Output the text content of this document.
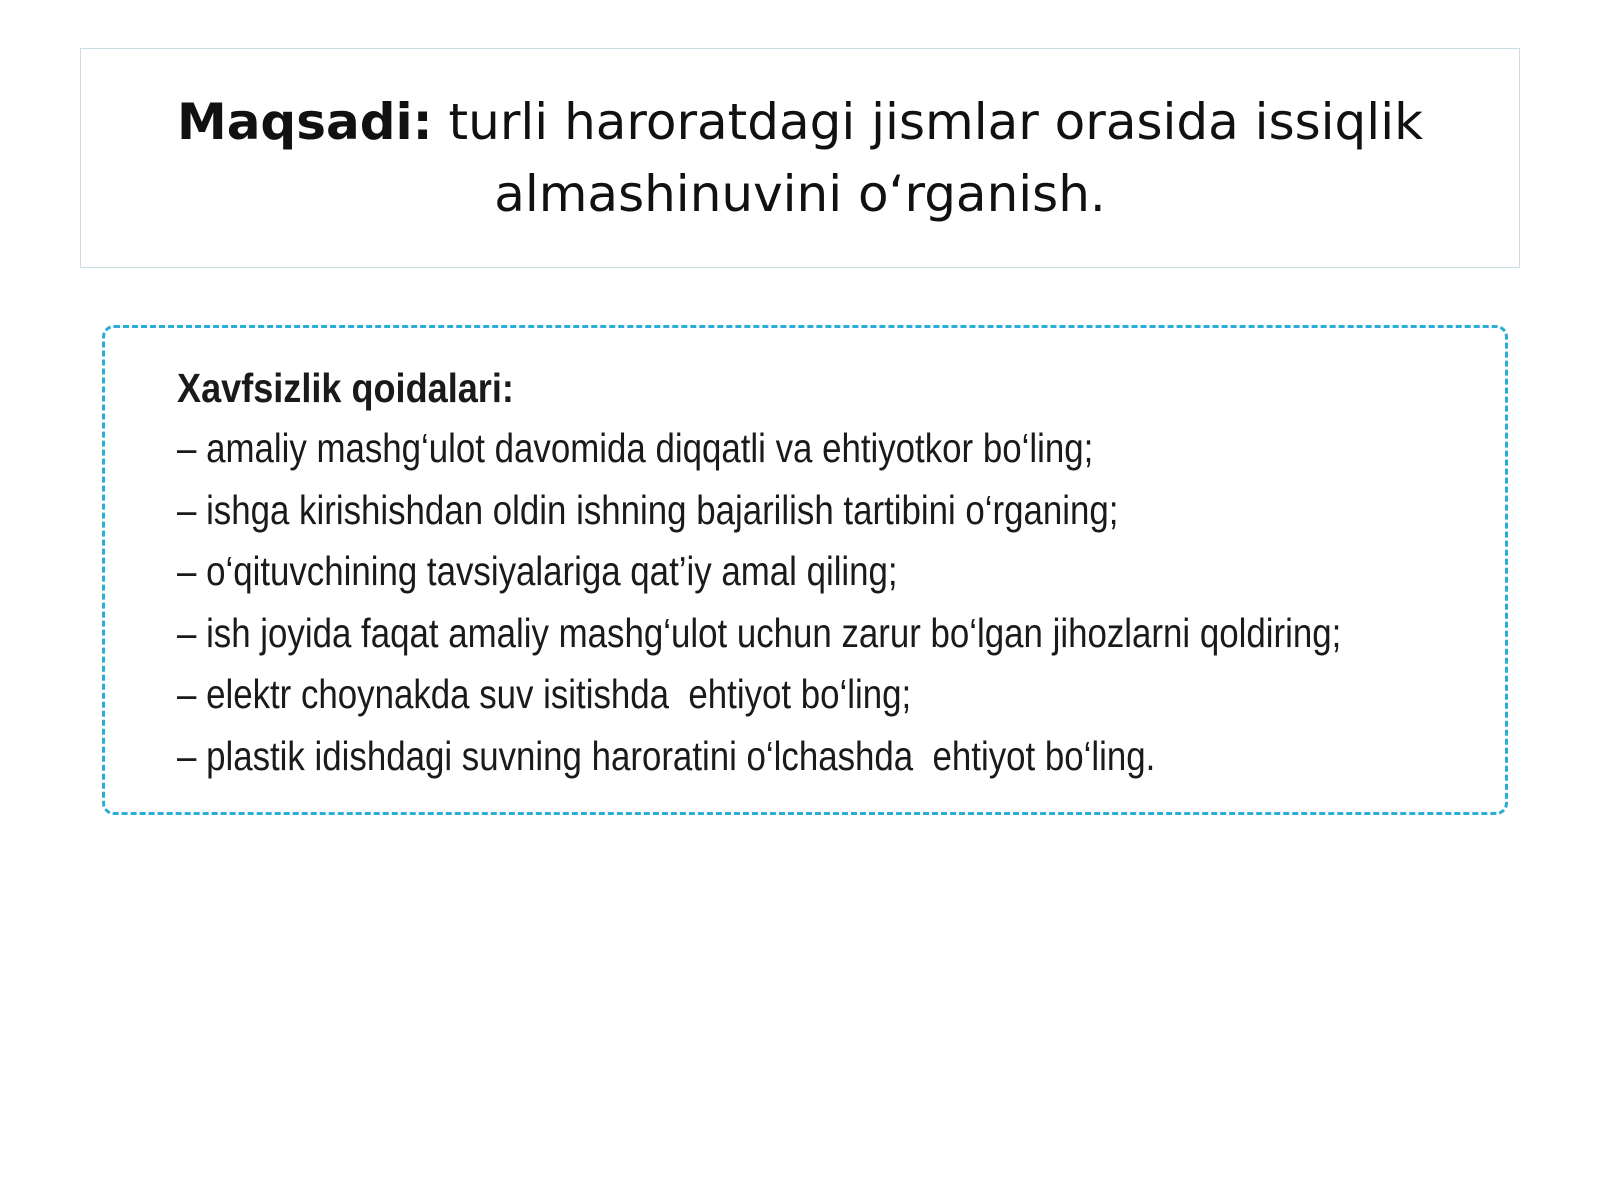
Maqsadi: turli haroratdagi jismlar orasida issiqlik almashinuvini o‘rganish.
Xavfsizlik qoidalari:
– amaliy mashg‘ulot davomida diqqatli va ehtiyotkor bo‘ling;
– ishga kirishishdan oldin ishning bajarilish tartibini o‘rganing;
– o‘qituvchining tavsiyalariga qat’iy amal qiling;
– ish joyida faqat amaliy mashg‘ulot uchun zarur bo‘lgan jihozlarni qoldiring;
– elektr choynakda suv isitishda  ehtiyot bo‘ling;
– plastik idishdagi suvning haroratini o‘lchashda  ehtiyot bo‘ling.
